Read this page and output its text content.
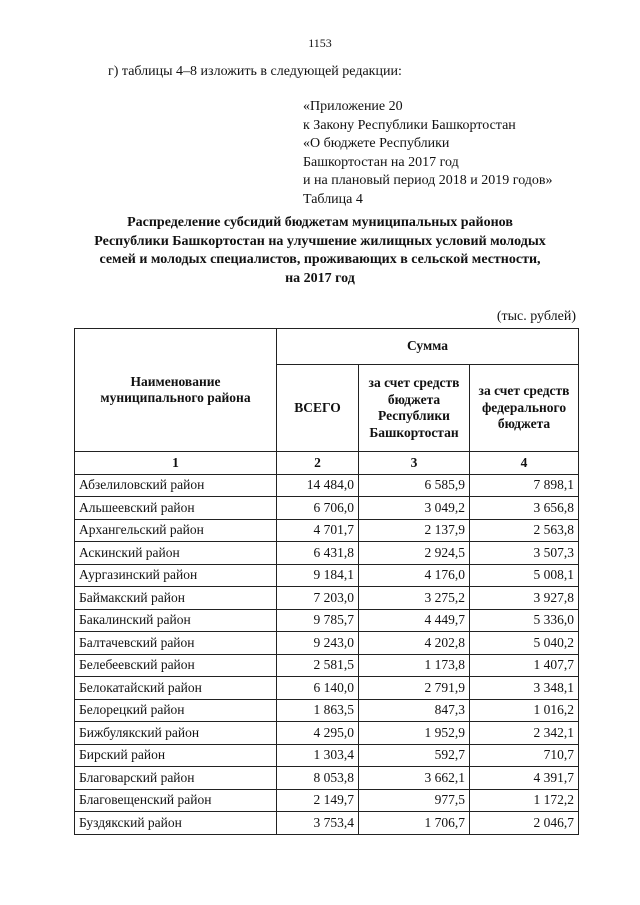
1153
г) таблицы 4–8 изложить в следующей редакции:
«Приложение 20
к Закону Республики Башкортостан
«О бюджете Республики
Башкортостан на 2017 год
и на плановый период 2018 и 2019 годов»
Таблица 4
Распределение субсидий бюджетам муниципальных районов
Республики Башкортостан на улучшение жилищных условий молодых
семей и молодых специалистов, проживающих в сельской местности,
на 2017 год
(тыс. рублей)
Наименование муниципального района	Сумма		
	ВСЕГО	за счет средств бюджета Республики Башкортостан	за счет средств федерального бюджета
1	2	3	4
Абзелиловский район	14 484,0	6 585,9	7 898,1
Альшеевский район	6 706,0	3 049,2	3 656,8
Архангельский район	4 701,7	2 137,9	2 563,8
Аскинский район	6 431,8	2 924,5	3 507,3
Аургазинский район	9 184,1	4 176,0	5 008,1
Баймакский район	7 203,0	3 275,2	3 927,8
Бакалинский район	9 785,7	4 449,7	5 336,0
Балтачевский район	9 243,0	4 202,8	5 040,2
Белебеевский район	2 581,5	1 173,8	1 407,7
Белокатайский район	6 140,0	2 791,9	3 348,1
Белорецкий район	1 863,5	847,3	1 016,2
Бижбулякский район	4 295,0	1 952,9	2 342,1
Бирский район	1 303,4	592,7	710,7
Благоварский район	8 053,8	3 662,1	4 391,7
Благовещенский район	2 149,7	977,5	1 172,2
Буздякский район	3 753,4	1 706,7	2 046,7
